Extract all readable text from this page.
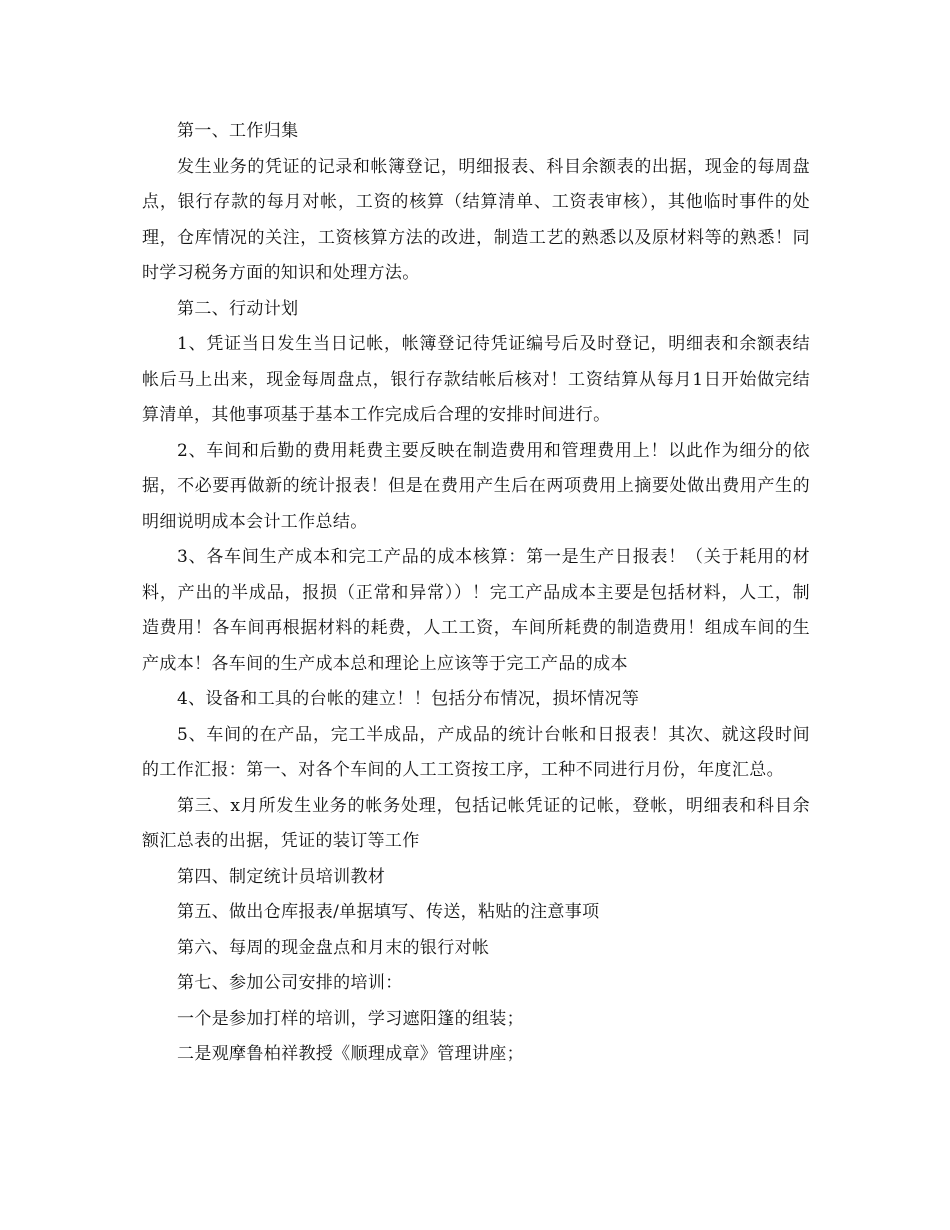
第一、工作归集

发生业务的凭证的记录和帐簿登记，明细报表、科目余额表的出据，现金的每周盘点，银行存款的每月对帐，工资的核算（结算清单、工资表审核），其他临时事件的处理，仓库情况的关注，工资核算方法的改进，制造工艺的熟悉以及原材料等的熟悉！同时学习税务方面的知识和处理方法。

第二、行动计划

1、凭证当日发生当日记帐，帐簿登记待凭证编号后及时登记，明细表和余额表结帐后马上出来，现金每周盘点，银行存款结帐后核对！工资结算从每月1日开始做完结算清单，其他事项基于基本工作完成后合理的安排时间进行。

2、车间和后勤的费用耗费主要反映在制造费用和管理费用上！以此作为细分的依据，不必要再做新的统计报表！但是在费用产生后在两项费用上摘要处做出费用产生的明细说明成本会计工作总结。

3、各车间生产成本和完工产品的成本核算：第一是生产日报表！（关于耗用的材料，产出的半成品，报损（正常和异常））！完工产品成本主要是包括材料，人工，制造费用！各车间再根据材料的耗费，人工工资，车间所耗费的制造费用！组成车间的生产成本！各车间的生产成本总和理论上应该等于完工产品的成本

4、设备和工具的台帐的建立！！包括分布情况，损坏情况等

5、车间的在产品，完工半成品，产成品的统计台帐和日报表！其次、就这段时间的工作汇报：第一、对各个车间的人工工资按工序，工种不同进行月份，年度汇总。

第三、x月所发生业务的帐务处理，包括记帐凭证的记帐，登帐，明细表和科目余额汇总表的出据，凭证的装订等工作

第四、制定统计员培训教材

第五、做出仓库报表/单据填写、传送，粘贴的注意事项

第六、每周的现金盘点和月末的银行对帐

第七、参加公司安排的培训：

一个是参加打样的培训，学习遮阳篷的组装；

二是观摩鲁柏祥教授《顺理成章》管理讲座；
